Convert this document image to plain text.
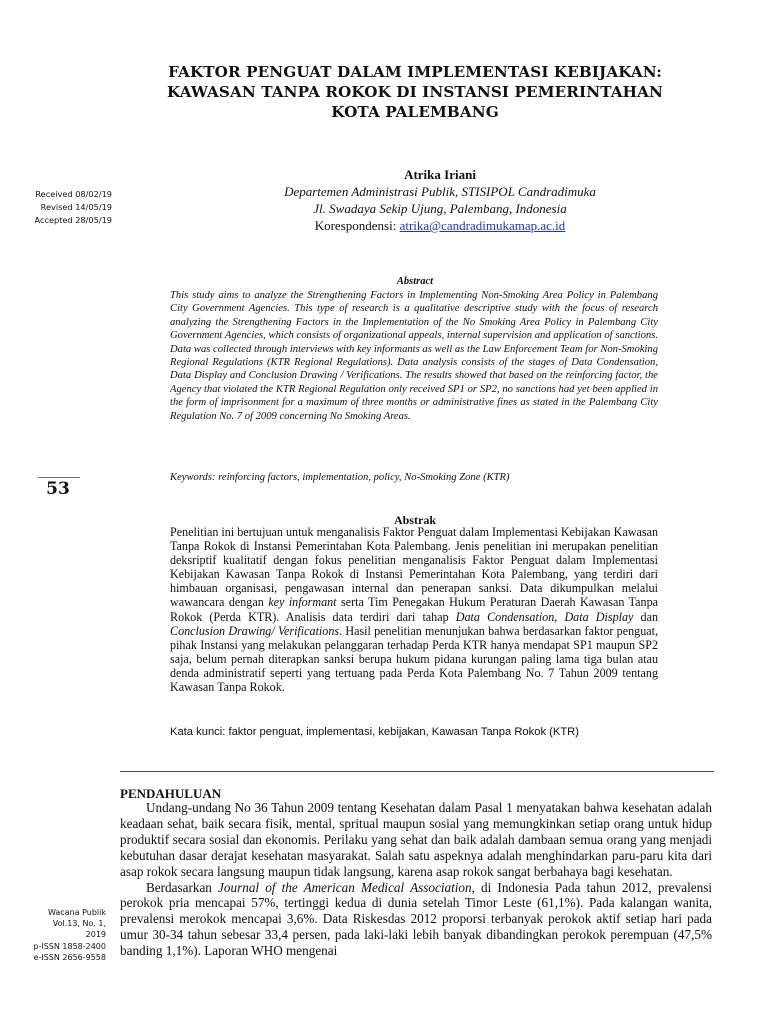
FAKTOR PENGUAT DALAM IMPLEMENTASI KEBIJAKAN:
KAWASAN TANPA ROKOK DI INSTANSI PEMERINTAHAN
KOTA PALEMBANG
Atrika Iriani
Departemen Administrasi Publik, STISIPOL Candradimuka
Jl. Swadaya Sekip Ujung, Palembang, Indonesia
Korespondensi: atrika@candradimukamap.ac.id
Received 08/02/19
Revised 14/05/19
Accepted 28/05/19
Abstract
This study aims to analyze the Strengthening Factors in Implementing Non-Smoking Area Policy in Palembang City Government Agencies. This type of research is a qualitative descriptive study with the focus of research analyzing the Strengthening Factors in the Implementation of the No Smoking Area Policy in Palembang City Government Agencies, which consists of organizational appeals, internal supervision and application of sanctions. Data was collected through interviews with key informants as well as the Law Enforcement Team for Non-Smoking Regional Regulations (KTR Regional Regulations). Data analysis consists of the stages of Data Condensation, Data Display and Conclusion Drawing / Verifications. The results showed that based on the reinforcing factor, the Agency that violated the KTR Regional Regulation only received SP1 or SP2, no sanctions had yet been applied in the form of imprisonment for a maximum of three months or administrative fines as stated in the Palembang City Regulation No. 7 of 2009 concerning No Smoking Areas.
Keywords: reinforcing factors, implementation, policy, No-Smoking Zone (KTR)
53
Abstrak
Penelitian ini bertujuan untuk menganalisis Faktor Penguat dalam Implementasi Kebijakan Kawasan Tanpa Rokok di Instansi Pemerintahan Kota Palembang. Jenis penelitian ini merupakan penelitian deksriptif kualitatif dengan fokus penelitian menganalisis Faktor Penguat dalam Implementasi Kebijakan Kawasan Tanpa Rokok di Instansi Pemerintahan Kota Palembang, yang terdiri dari himbauan organisasi, pengawasan internal dan penerapan sanksi. Data dikumpulkan melalui wawancara dengan key informant serta Tim Penegakan Hukum Peraturan Daerah Kawasan Tanpa Rokok (Perda KTR). Analisis data terdiri dari tahap Data Condensation, Data Display dan Conclusion Drawing/ Verifications. Hasil penelitian menunjukan bahwa berdasarkan faktor penguat, pihak Instansi yang melakukan pelanggaran terhadap Perda KTR hanya mendapat SP1 maupun SP2 saja, belum pernah diterapkan sanksi berupa hukum pidana kurungan paling lama tiga bulan atau denda administratif seperti yang tertuang pada Perda Kota Palembang No. 7 Tahun 2009 tentang Kawasan Tanpa Rokok.
Kata kunci: faktor penguat, implementasi, kebijakan, Kawasan Tanpa Rokok (KTR)
PENDAHULUAN

Undang-undang No 36 Tahun 2009 tentang Kesehatan dalam Pasal 1 menyatakan bahwa kesehatan adalah keadaan sehat, baik secara fisik, mental, spritual maupun sosial yang memungkinkan setiap orang untuk hidup produktif secara sosial dan ekonomis. Perilaku yang sehat dan baik adalah dambaan semua orang yang menjadi kebutuhan dasar derajat kesehatan masyarakat. Salah satu aspeknya adalah menghindarkan paru-paru kita dari asap rokok secara langsung maupun tidak langsung, karena asap rokok sangat berbahaya bagi kesehatan.

Berdasarkan Journal of the American Medical Association, di Indonesia Pada tahun 2012, prevalensi perokok pria mencapai 57%, tertinggi kedua di dunia setelah Timor Leste (61,1%). Pada kalangan wanita, prevalensi merokok mencapai 3,6%. Data Riskesdas 2012 proporsi terbanyak perokok aktif setiap hari pada umur 30-34 tahun sebesar 33,4 persen, pada laki-laki lebih banyak dibandingkan perokok perempuan (47,5% banding 1,1%). Laporan WHO mengenai

Wacana Publik
Vol.13, No. 1, 2019
p-ISSN 1858-2400
e-ISSN 2656-9558
